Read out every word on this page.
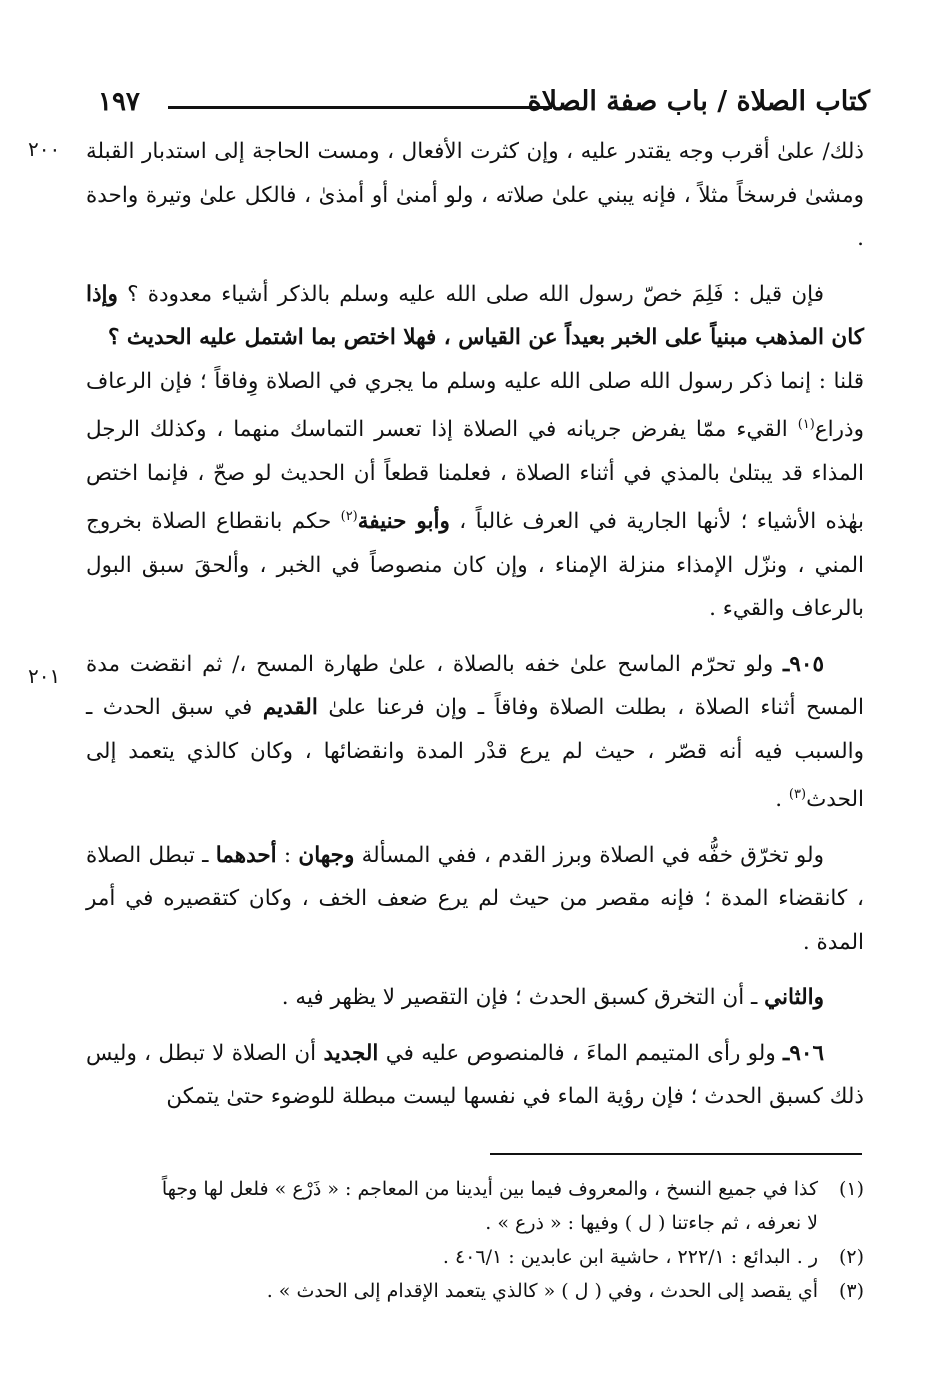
كتاب الصلاة / باب صفة الصلاة
١٩٧
٢٠٠
٢٠١

ذلك/ علىٰ أقرب وجه يقتدر عليه ، وإن كثرت الأفعال ، ومست الحاجة إلى استدبار القبلة ومشىٰ فرسخاً مثلاً ، فإنه يبني علىٰ صلاته ، ولو أمنىٰ أو أمذىٰ ، فالكل علىٰ وتيرة واحدة .

فإن قيل : فَلِمَ خصّ رسول الله صلى الله عليه وسلم بالذكر أشياء معدودة ؟ وإذا كان المذهب مبنياً على الخبر بعيداً عن القياس ، فهلا اختص بما اشتمل عليه الحديث ؟

قلنا : إنما ذكر رسول الله صلى الله عليه وسلم ما يجري في الصلاة وِفاقاً ؛ فإن الرعاف وذراع$^{(١)}$ القيء ممّا يفرض جريانه في الصلاة إذا تعسر التماسك منهما ، وكذلك الرجل المذاء قد يبتلىٰ بالمذي في أثناء الصلاة ، فعلمنا قطعاً أن الحديث لو صحّ ، فإنما اختص بهٰذه الأشياء ؛ لأنها الجارية في العرف غالباً ، وأبو حنيفة$^{(٢)}$ حكم بانقطاع الصلاة بخروج المني ، ونزّل الإمذاء منزلة الإمناء ، وإن كان منصوصاً في الخبر ، وألحقَ سبق البول بالرعاف والقيء .

٩٠٥ـ ولو تحرّم الماسح علىٰ خفه بالصلاة ، علىٰ طهارة المسح ،/ ثم انقضت مدة المسح أثناء الصلاة ، بطلت الصلاة وفاقاً ـ وإن فرعنا علىٰ القديم في سبق الحدث ـ والسبب فيه أنه قصّر ، حيث لم يرع قدْر المدة وانقضائها ، وكان كالذي يتعمد إلى الحدث$^{(٣)}$ .

ولو تخرّق خفُّه في الصلاة وبرز القدم ، ففي المسألة وجهان : أحدهما ـ تبطل الصلاة ، كانقضاء المدة ؛ فإنه مقصر من حيث لم يرع ضعف الخف ، وكان كتقصيره في أمر المدة .

والثاني ـ أن التخرق كسبق الحدث ؛ فإن التقصير لا يظهر فيه .

٩٠٦ـ ولو رأى المتيمم الماءَ ، فالمنصوص عليه في الجديد أن الصلاة لا تبطل ، وليس ذلك كسبق الحدث ؛ فإن رؤية الماء في نفسها ليست مبطلة للوضوء حتىٰ يتمكن

(١)كذا في جميع النسخ ، والمعروف فيما بين أيدينا من المعاجم : « ذَرْع » فلعل لها وجهاً

لا نعرفه ، ثم جاءتنا ( ل ) وفيها : « ذرع » .

(٢)ر . البدائع : ٢٢٢/١ ، حاشية ابن عابدين : ٤٠٦/١ .

(٣)أي يقصد إلى الحدث ، وفي ( ل ) « كالذي يتعمد الإقدام إلى الحدث » .
